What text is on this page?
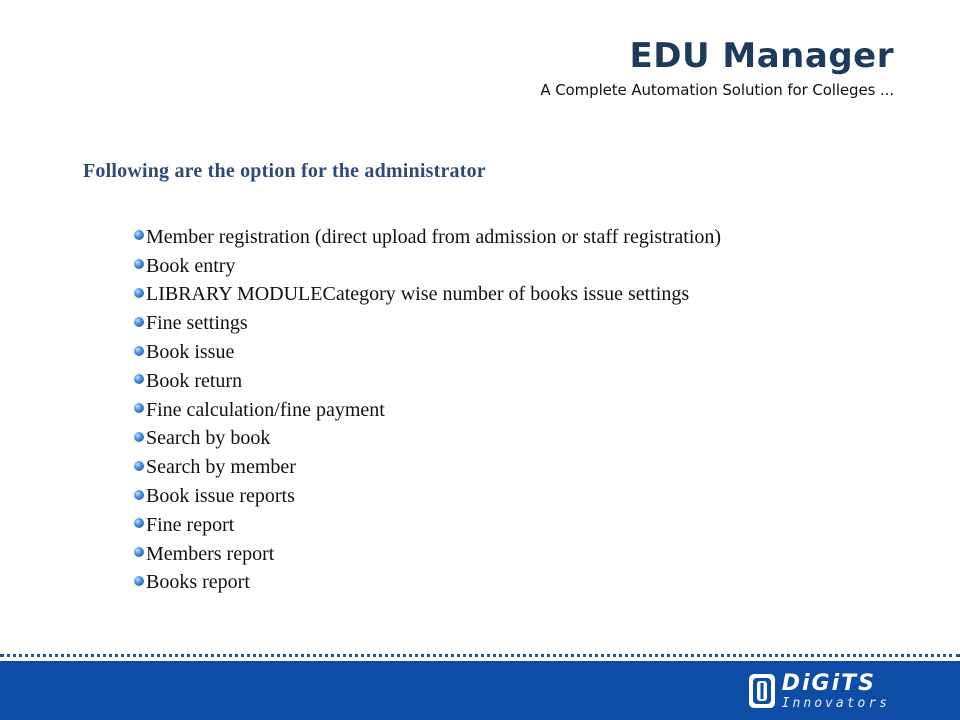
EDU Manager
A Complete Automation Solution for Colleges ...
Following are the option for the administrator
Member registration (direct upload from admission or staff registration)
Book entry
LIBRARY MODULECategory wise number of books issue settings
Fine settings
Book issue
Book return
Fine calculation/fine payment
Search by book
Search by member
Book issue reports
Fine report
Members report
Books report
DiGiTS
Innovators
